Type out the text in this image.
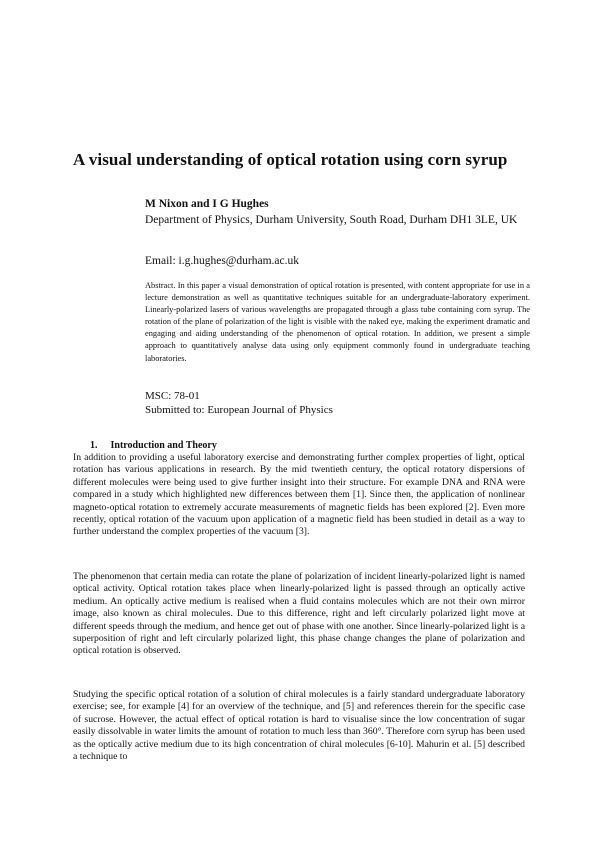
A visual understanding of optical rotation using corn syrup
M Nixon and I G Hughes
Department of Physics, Durham University, South Road, Durham DH1 3LE, UK
Email: i.g.hughes@durham.ac.uk

Abstract. In this paper a visual demonstration of optical rotation is presented, with content appropriate for use in a lecture demonstration as well as quantitative techniques suitable for an undergraduate-laboratory experiment. Linearly-polarized lasers of various wavelengths are propagated through a glass tube containing corn syrup. The rotation of the plane of polarization of the light is visible with the naked eye, making the experiment dramatic and engaging and aiding understanding of the phenomenon of optical rotation. In addition, we present a simple approach to quantitatively analyse data using only equipment commonly found in undergraduate teaching laboratories.

MSC: 78-01
Submitted to: European Journal of Physics
1. Introduction and Theory

In addition to providing a useful laboratory exercise and demonstrating further complex properties of light, optical rotation has various applications in research. By the mid twentieth century, the optical rotatory dispersions of different molecules were being used to give further insight into their structure. For example DNA and RNA were compared in a study which highlighted new differences between them [1]. Since then, the application of nonlinear magneto-optical rotation to extremely accurate measurements of magnetic fields has been explored [2]. Even more recently, optical rotation of the vacuum upon application of a magnetic field has been studied in detail as a way to further understand the complex properties of the vacuum [3].

The phenomenon that certain media can rotate the plane of polarization of incident linearly-polarized light is named optical activity. Optical rotation takes place when linearly-polarized light is passed through an optically active medium. An optically active medium is realised when a fluid contains molecules which are not their own mirror image, also known as chiral molecules. Due to this difference, right and left circularly polarized light move at different speeds through the medium, and hence get out of phase with one another. Since linearly-polarized light is a superposition of right and left circularly polarized light, this phase change changes the plane of polarization and optical rotation is observed.

Studying the specific optical rotation of a solution of chiral molecules is a fairly standard undergraduate laboratory exercise; see, for example [4] for an overview of the technique, and [5] and references therein for the specific case of sucrose. However, the actual effect of optical rotation is hard to visualise since the low concentration of sugar easily dissolvable in water limits the amount of rotation to much less than 360°. Therefore corn syrup has been used as the optically active medium due to its high concentration of chiral molecules [6-10]. Mahurin et al. [5] described a technique to
